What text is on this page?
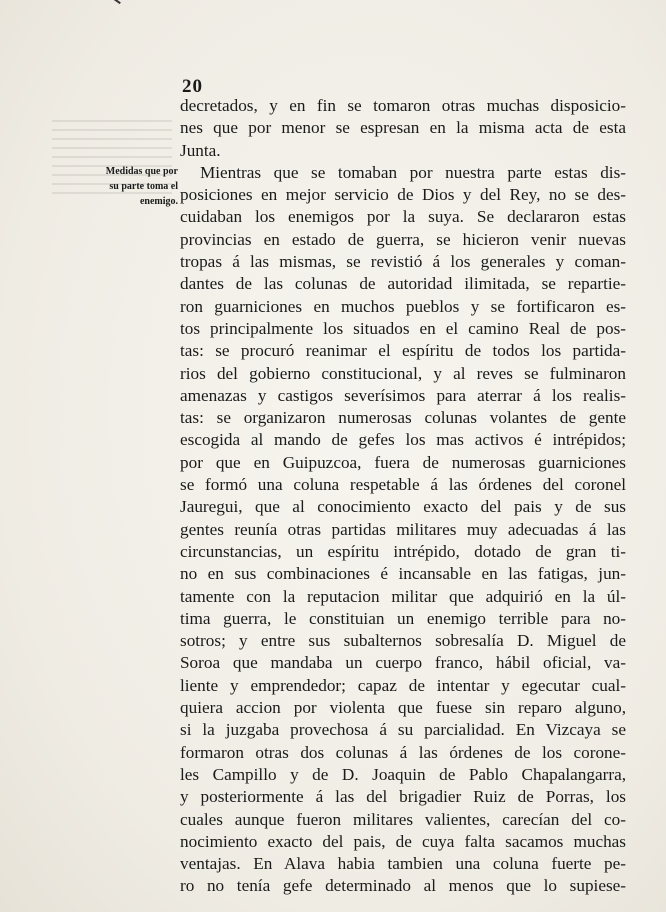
20
Medidas que por
su parte toma el
enemigo.
decretados, y en fin se tomaron otras muchas disposicio-
nes que por menor se espresan en la misma acta de esta
Junta.
Mientras que se tomaban por nuestra parte estas dis-
posiciones en mejor servicio de Dios y del Rey, no se des-
cuidaban los enemigos por la suya. Se declararon estas
provincias en estado de guerra, se hicieron venir nuevas
tropas á las mismas, se revistió á los generales y coman-
dantes de las colunas de autoridad ilimitada, se repartie-
ron guarniciones en muchos pueblos y se fortificaron es-
tos principalmente los situados en el camino Real de pos-
tas: se procuró reanimar el espíritu de todos los partida-
rios del gobierno constitucional, y al reves se fulminaron
amenazas y castigos severísimos para aterrar á los realis-
tas: se organizaron numerosas colunas volantes de gente
escogida al mando de gefes los mas activos é intrépidos;
por que en Guipuzcoa, fuera de numerosas guarniciones
se formó una coluna respetable á las órdenes del coronel
Jauregui, que al conocimiento exacto del pais y de sus
gentes reunía otras partidas militares muy adecuadas á las
circunstancias, un espíritu intrépido, dotado de gran ti-
no en sus combinaciones é incansable en las fatigas, jun-
tamente con la reputacion militar que adquirió en la úl-
tima guerra, le constituian un enemigo terrible para no-
sotros; y entre sus subalternos sobresalía D. Miguel de
Soroa que mandaba un cuerpo franco, hábil oficial, va-
liente y emprendedor; capaz de intentar y egecutar cual-
quiera accion por violenta que fuese sin reparo alguno,
si la juzgaba provechosa á su parcialidad. En Vizcaya se
formaron otras dos colunas á las órdenes de los corone-
les Campillo y de D. Joaquin de Pablo Chapalangarra,
y posteriormente á las del brigadier Ruiz de Porras, los
cuales aunque fueron militares valientes, carecían del co-
nocimiento exacto del pais, de cuya falta sacamos muchas
ventajas. En Alava habia tambien una coluna fuerte pe-
ro no tenía gefe determinado al menos que lo supiese-
